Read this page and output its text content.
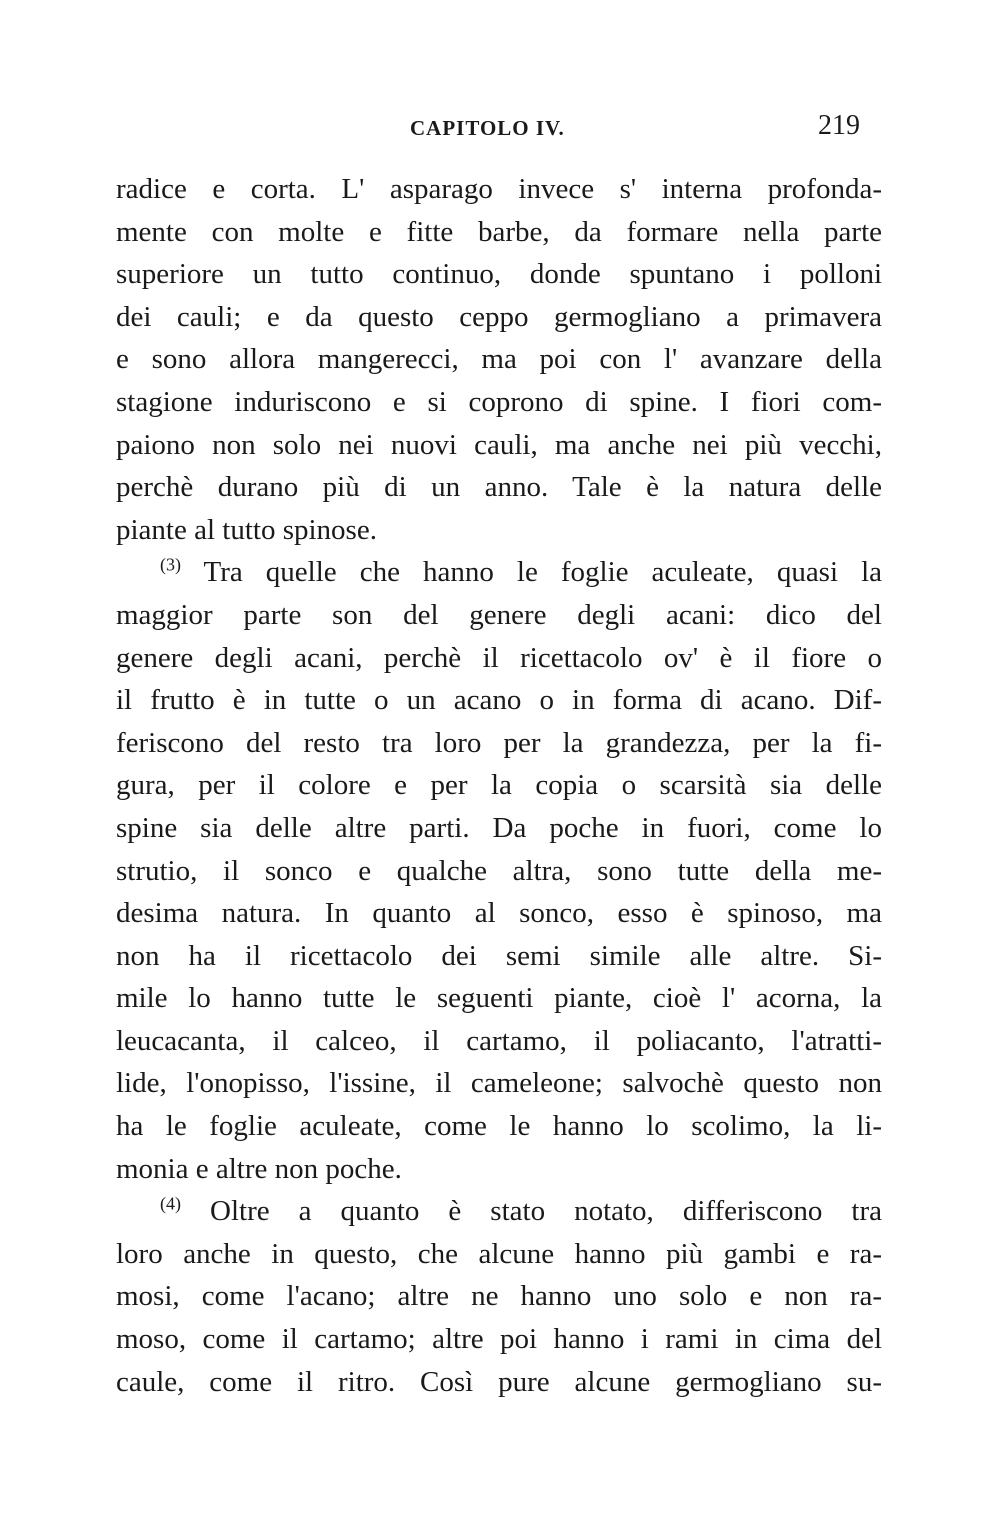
CAPITOLO IV.	219
radice e corta. L' asparago invece s' interna profonda-
mente con molte e fitte barbe, da formare nella parte
superiore un tutto continuo, donde spuntano i polloni
dei cauli; e da questo ceppo germogliano a primavera
e sono allora mangerecci, ma poi con l' avanzare della
stagione induriscono e si coprono di spine. I fiori com-
paiono non solo nei nuovi cauli, ma anche nei più vecchi,
perchè durano più di un anno. Tale è la natura delle
piante al tutto spinose.
$^{(3)}$ Tra quelle che hanno le foglie aculeate, quasi la
maggior parte son del genere degli acani: dico del
genere degli acani, perchè il ricettacolo ov' è il fiore o
il frutto è in tutte o un acano o in forma di acano. Dif-
feriscono del resto tra loro per la grandezza, per la fi-
gura, per il colore e per la copia o scarsità sia delle
spine sia delle altre parti. Da poche in fuori, come lo
strutio, il sonco e qualche altra, sono tutte della me-
desima natura. In quanto al sonco, esso è spinoso, ma
non ha il ricettacolo dei semi simile alle altre. Si-
mile lo hanno tutte le seguenti piante, cioè l' acorna, la
leucacanta, il calceo, il cartamo, il poliacanto, l'atratti-
lide, l'onopisso, l'issine, il cameleone; salvochè questo non
ha le foglie aculeate, come le hanno lo scolimo, la li-
monia e altre non poche.
$^{(4)}$ Oltre a quanto è stato notato, differiscono tra
loro anche in questo, che alcune hanno più gambi e ra-
mosi, come l'acano; altre ne hanno uno solo e non ra-
moso, come il cartamo; altre poi hanno i rami in cima del
caule, come il ritro. Così pure alcune germogliano su-
